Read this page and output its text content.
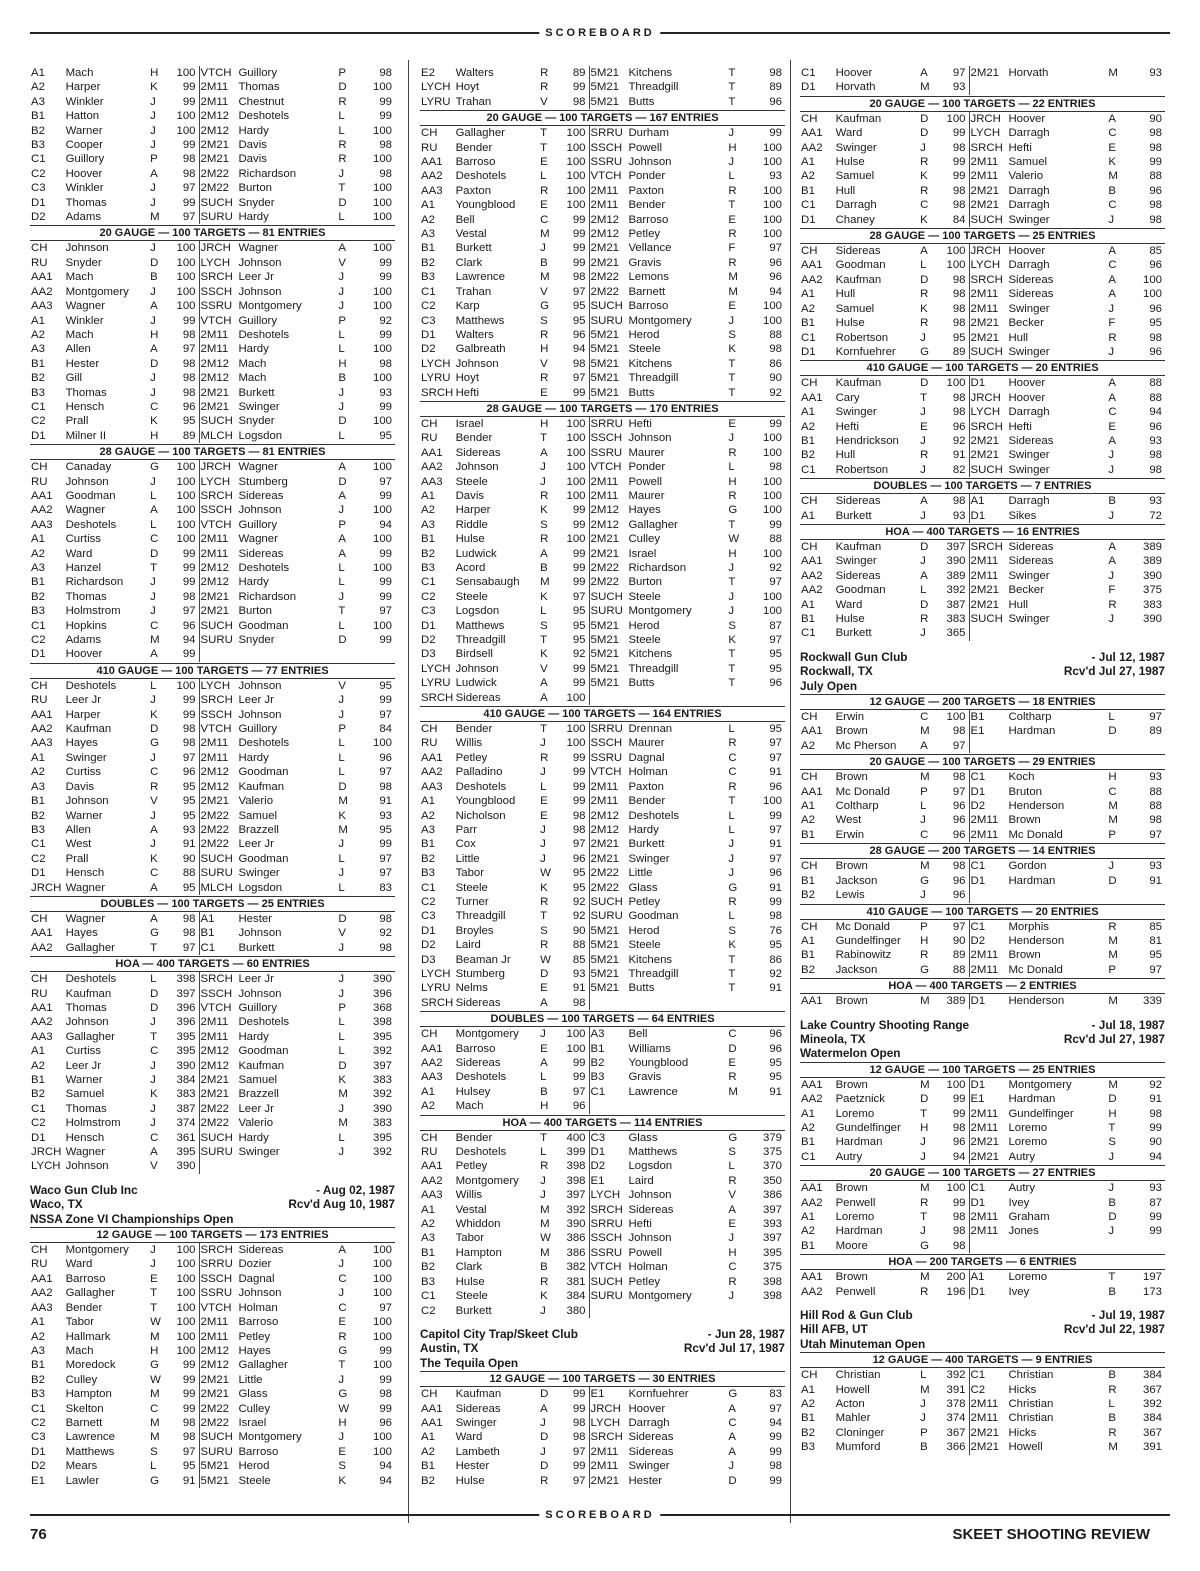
SCOREBOARD
A1	Mach	H	100	VTCH	Guillory	P	98
A2	Harper	K	99	2M11	Thomas	D	100
A3	Winkler	J	99	2M11	Chestnut	R	99
B1	Hatton	J	100	2M12	Deshotels	L	99
B2	Warner	J	100	2M12	Hardy	L	100
B3	Cooper	J	99	2M21	Davis	R	98
C1	Guillory	P	98	2M21	Davis	R	100
C2	Hoover	A	98	2M22	Richardson	J	98
C3	Winkler	J	97	2M22	Burton	T	100
D1	Thomas	J	99	SUCH	Snyder	D	100
D2	Adams	M	97	SURU	Hardy	L	100
20 GAUGE — 100 TARGETS — 81 ENTRIES
CH	Johnson	J	100	JRCH	Wagner	A	100
RU	Snyder	D	100	LYCH	Johnson	V	99
AA1	Mach	B	100	SRCH	Leer Jr	J	99
AA2	Montgomery	J	100	SSCH	Johnson	J	100
AA3	Wagner	A	100	SSRU	Montgomery	J	100
A1	Winkler	J	99	VTCH	Guillory	P	92
A2	Mach	H	98	2M11	Deshotels	L	99
A3	Allen	A	97	2M11	Hardy	L	100
B1	Hester	D	98	2M12	Mach	H	98
B2	Gill	J	98	2M12	Mach	B	100
B3	Thomas	J	98	2M21	Burkett	J	93
C1	Hensch	C	96	2M21	Swinger	J	99
C2	Prall	K	95	SUCH	Snyder	D	100
D1	Milner II	H	89	MLCH	Logsdon	L	95
28 GAUGE — 100 TARGETS — 81 ENTRIES
CH	Canaday	G	100	JRCH	Wagner	A	100
RU	Johnson	J	100	LYCH	Stumberg	D	97
AA1	Goodman	L	100	SRCH	Sidereas	A	99
AA2	Wagner	A	100	SSCH	Johnson	J	100
AA3	Deshotels	L	100	VTCH	Guillory	P	94
A1	Curtiss	C	100	2M11	Wagner	A	100
A2	Ward	D	99	2M11	Sidereas	A	99
A3	Hanzel	T	99	2M12	Deshotels	L	100
B1	Richardson	J	99	2M12	Hardy	L	99
B2	Thomas	J	98	2M21	Richardson	J	99
B3	Holmstrom	J	97	2M21	Burton	T	97
C1	Hopkins	C	96	SUCH	Goodman	L	100
C2	Adams	M	94	SURU	Snyder	D	99
D1	Hoover	A	99				
410 GAUGE — 100 TARGETS — 77 ENTRIES
CH	Deshotels	L	100	LYCH	Johnson	V	95
RU	Leer Jr	J	99	SRCH	Leer Jr	J	99
AA1	Harper	K	99	SSCH	Johnson	J	97
AA2	Kaufman	D	98	VTCH	Guillory	P	84
AA3	Hayes	G	98	2M11	Deshotels	L	100
A1	Swinger	J	97	2M11	Hardy	L	96
A2	Curtiss	C	96	2M12	Goodman	L	97
A3	Davis	R	95	2M12	Kaufman	D	98
B1	Johnson	V	95	2M21	Valerio	M	91
B2	Warner	J	95	2M22	Samuel	K	93
B3	Allen	A	93	2M22	Brazzell	M	95
C1	West	J	91	2M22	Leer Jr	J	99
C2	Prall	K	90	SUCH	Goodman	L	97
D1	Hensch	C	88	SURU	Swinger	J	97
JRCH	Wagner	A	95	MLCH	Logsdon	L	83
DOUBLES — 100 TARGETS — 25 ENTRIES
CH	Wagner	A	98	A1	Hester	D	98
AA1	Hayes	G	98	B1	Johnson	V	92
AA2	Gallagher	T	97	C1	Burkett	J	98
HOA — 400 TARGETS — 60 ENTRIES
CH	Deshotels	L	398	SRCH	Leer Jr	J	390
RU	Kaufman	D	397	SSCH	Johnson	J	396
AA1	Thomas	D	396	VTCH	Guillory	P	368
AA2	Johnson	J	396	2M11	Deshotels	L	398
AA3	Gallagher	T	395	2M11	Hardy	L	395
A1	Curtiss	C	395	2M12	Goodman	L	392
A2	Leer Jr	J	390	2M12	Kaufman	D	397
B1	Warner	J	384	2M21	Samuel	K	383
B2	Samuel	K	383	2M21	Brazzell	M	392
C1	Thomas	J	387	2M22	Leer Jr	J	390
C2	Holmstrom	J	374	2M22	Valerio	M	383
D1	Hensch	C	361	SUCH	Hardy	L	395
JRCH	Wagner	A	395	SURU	Swinger	J	392
LYCH	Johnson	V	390				
Waco Gun Club Inc	- Aug 02, 1987
Waco, TX	Rcv'd Aug 10, 1987
NSSA Zone VI Championships Open
12 GAUGE — 100 TARGETS — 173 ENTRIES
CH	Montgomery	J	100	SRCH	Sidereas	A	100
RU	Ward	J	100	SRRU	Dozier	J	100
AA1	Barroso	E	100	SSCH	Dagnal	C	100
AA2	Gallagher	T	100	SSRU	Johnson	J	100
AA3	Bender	T	100	VTCH	Holman	C	97
A1	Tabor	W	100	2M11	Barroso	E	100
A2	Hallmark	M	100	2M11	Petley	R	100
A3	Mach	H	100	2M12	Hayes	G	99
B1	Moredock	G	99	2M12	Gallagher	T	100
B2	Culley	W	99	2M21	Little	J	99
B3	Hampton	M	99	2M21	Glass	G	98
C1	Skelton	C	99	2M22	Culley	W	99
C2	Barnett	M	98	2M22	Israel	H	96
C3	Lawrence	M	98	SUCH	Montgomery	J	100
D1	Matthews	S	97	SURU	Barroso	E	100
D2	Mears	L	95	5M21	Herod	S	94
E1	Lawler	G	91	5M21	Steele	K	94
E2	Walters	R	89	5M21	Kitchens	T	98
LYCH	Hoyt	R	99	5M21	Threadgill	T	89
LYRU	Trahan	V	98	5M21	Butts	T	96
20 GAUGE — 100 TARGETS — 167 ENTRIES
CH	Gallagher	T	100	SRRU	Durham	J	99
RU	Bender	T	100	SSCH	Powell	H	100
AA1	Barroso	E	100	SSRU	Johnson	J	100
AA2	Deshotels	L	100	VTCH	Ponder	L	93
AA3	Paxton	R	100	2M11	Paxton	R	100
A1	Youngblood	E	100	2M11	Bender	T	100
A2	Bell	C	99	2M12	Barroso	E	100
A3	Vestal	M	99	2M12	Petley	R	100
B1	Burkett	J	99	2M21	Vellance	F	97
B2	Clark	B	99	2M21	Gravis	R	96
B3	Lawrence	M	98	2M22	Lemons	M	96
C1	Trahan	V	97	2M22	Barnett	M	94
C2	Karp	G	95	SUCH	Barroso	E	100
C3	Matthews	S	95	SURU	Montgomery	J	100
D1	Walters	R	96	5M21	Herod	S	88
D2	Galbreath	H	94	5M21	Steele	K	98
LYCH	Johnson	V	98	5M21	Kitchens	T	86
LYRU	Hoyt	R	97	5M21	Threadgill	T	90
SRCH	Hefti	E	99	5M21	Butts	T	92
28 GAUGE — 100 TARGETS — 170 ENTRIES
CH	Israel	H	100	SRRU	Hefti	E	99
RU	Bender	T	100	SSCH	Johnson	J	100
AA1	Sidereas	A	100	SSRU	Maurer	R	100
AA2	Johnson	J	100	VTCH	Ponder	L	98
AA3	Steele	J	100	2M11	Powell	H	100
A1	Davis	R	100	2M11	Maurer	R	100
A2	Harper	K	99	2M12	Hayes	G	100
A3	Riddle	S	99	2M12	Gallagher	T	99
B1	Hulse	R	100	2M21	Culley	W	88
B2	Ludwick	A	99	2M21	Israel	H	100
B3	Acord	B	99	2M22	Richardson	J	92
C1	Sensabaugh	M	99	2M22	Burton	T	97
C2	Steele	K	97	SUCH	Steele	J	100
C3	Logsdon	L	95	SURU	Montgomery	J	100
D1	Matthews	S	95	5M21	Herod	S	87
D2	Threadgill	T	95	5M21	Steele	K	97
D3	Birdsell	K	92	5M21	Kitchens	T	95
LYCH	Johnson	V	99	5M21	Threadgill	T	95
LYRU	Ludwick	A	99	5M21	Butts	T	96
SRCH	Sidereas	A	100				
410 GAUGE — 100 TARGETS — 164 ENTRIES
CH	Bender	T	100	SRRU	Drennan	L	95
RU	Willis	J	100	SSCH	Maurer	R	97
AA1	Petley	R	99	SSRU	Dagnal	C	97
AA2	Palladino	J	99	VTCH	Holman	C	91
AA3	Deshotels	L	99	2M11	Paxton	R	96
A1	Youngblood	E	99	2M11	Bender	T	100
A2	Nicholson	E	98	2M12	Deshotels	L	99
A3	Parr	J	98	2M12	Hardy	L	97
B1	Cox	J	97	2M21	Burkett	J	91
B2	Little	J	96	2M21	Swinger	J	97
B3	Tabor	W	95	2M22	Little	J	96
C1	Steele	K	95	2M22	Glass	G	91
C2	Turner	R	92	SUCH	Petley	R	99
C3	Threadgill	T	92	SURU	Goodman	L	98
D1	Broyles	S	90	5M21	Herod	S	76
D2	Laird	R	88	5M21	Steele	K	95
D3	Beaman Jr	W	85	5M21	Kitchens	T	86
LYCH	Stumberg	D	93	5M21	Threadgill	T	92
LYRU	Nelms	E	91	5M21	Butts	T	91
SRCH	Sidereas	A	98				
DOUBLES — 100 TARGETS — 64 ENTRIES
CH	Montgomery	J	100	A3	Bell	C	96
AA1	Barroso	E	100	B1	Williams	D	96
AA2	Sidereas	A	99	B2	Youngblood	E	95
AA3	Deshotels	L	99	B3	Gravis	R	95
A1	Hulsey	B	97	C1	Lawrence	M	91
A2	Mach	H	96				
HOA — 400 TARGETS — 114 ENTRIES
CH	Bender	T	400	C3	Glass	G	379
RU	Deshotels	L	399	D1	Matthews	S	375
AA1	Petley	R	398	D2	Logsdon	L	370
AA2	Montgomery	J	398	E1	Laird	R	350
AA3	Willis	J	397	LYCH	Johnson	V	386
A1	Vestal	M	392	SRCH	Sidereas	A	397
A2	Whiddon	M	390	SRRU	Hefti	E	393
A3	Tabor	W	386	SSCH	Johnson	J	397
B1	Hampton	M	386	SSRU	Powell	H	395
B2	Clark	B	382	VTCH	Holman	C	375
B3	Hulse	R	381	SUCH	Petley	R	398
C1	Steele	K	384	SURU	Montgomery	J	398
C2	Burkett	J	380				
Capitol City Trap/Skeet Club	- Jun 28, 1987
Austin, TX	Rcv'd Jul 17, 1987
The Tequila Open
12 GAUGE — 100 TARGETS — 30 ENTRIES
CH	Kaufman	D	99	E1	Kornfuehrer	G	83
AA1	Sidereas	A	99	JRCH	Hoover	A	97
AA1	Swinger	J	98	LYCH	Darragh	C	94
A1	Ward	D	98	SRCH	Sidereas	A	99
A2	Lambeth	J	97	2M11	Sidereas	A	99
B1	Hester	D	99	2M11	Swinger	J	98
B2	Hulse	R	97	2M21	Hester	D	99
C1	Hoover	A	97	2M21	Horvath	M	93
D1	Horvath	M	93				
20 GAUGE — 100 TARGETS — 22 ENTRIES
CH	Kaufman	D	100	JRCH	Hoover	A	90
AA1	Ward	D	99	LYCH	Darragh	C	98
AA2	Swinger	J	98	SRCH	Hefti	E	98
A1	Hulse	R	99	2M11	Samuel	K	99
A2	Samuel	K	99	2M11	Valerio	M	88
B1	Hull	R	98	2M21	Darragh	B	96
C1	Darragh	C	98	2M21	Darragh	C	98
D1	Chaney	K	84	SUCH	Swinger	J	98
28 GAUGE — 100 TARGETS — 25 ENTRIES
CH	Sidereas	A	100	JRCH	Hoover	A	85
AA1	Goodman	L	100	LYCH	Darragh	C	96
AA2	Kaufman	D	98	SRCH	Sidereas	A	100
A1	Hull	R	98	2M11	Sidereas	A	100
A2	Samuel	K	98	2M11	Swinger	J	96
B1	Hulse	R	98	2M21	Becker	F	95
C1	Robertson	J	95	2M21	Hull	R	98
D1	Kornfuehrer	G	89	SUCH	Swinger	J	96
410 GAUGE — 100 TARGETS — 20 ENTRIES
CH	Kaufman	D	100	D1	Hoover	A	88
AA1	Cary	T	98	JRCH	Hoover	A	88
A1	Swinger	J	98	LYCH	Darragh	C	94
A2	Hefti	E	96	SRCH	Hefti	E	96
B1	Hendrickson	J	92	2M21	Sidereas	A	93
B2	Hull	R	91	2M21	Swinger	J	98
C1	Robertson	J	82	SUCH	Swinger	J	98
DOUBLES — 100 TARGETS — 7 ENTRIES
CH	Sidereas	A	98	A1	Darragh	B	93
A1	Burkett	J	93	D1	Sikes	J	72
HOA — 400 TARGETS — 16 ENTRIES
CH	Kaufman	D	397	SRCH	Sidereas	A	389
AA1	Swinger	J	390	2M11	Sidereas	A	389
AA2	Sidereas	A	389	2M11	Swinger	J	390
AA2	Goodman	L	392	2M21	Becker	F	375
A1	Ward	D	387	2M21	Hull	R	383
B1	Hulse	R	383	SUCH	Swinger	J	390
C1	Burkett	J	365				
Rockwall Gun Club	- Jul 12, 1987
Rockwall, TX	Rcv'd Jul 27, 1987
July Open
12 GAUGE — 200 TARGETS — 18 ENTRIES
CH	Erwin	C	100	B1	Coltharp	L	97
AA1	Brown	M	98	E1	Hardman	D	89
A2	Mc Pherson	A	97				
20 GAUGE — 100 TARGETS — 29 ENTRIES
CH	Brown	M	98	C1	Koch	H	93
AA1	Mc Donald	P	97	D1	Bruton	C	88
A1	Coltharp	L	96	D2	Henderson	M	88
A2	West	J	96	2M11	Brown	M	98
B1	Erwin	C	96	2M11	Mc Donald	P	97
28 GAUGE — 200 TARGETS — 14 ENTRIES
CH	Brown	M	98	C1	Gordon	J	93
B1	Jackson	G	96	D1	Hardman	D	91
B2	Lewis	J	96				
410 GAUGE — 100 TARGETS — 20 ENTRIES
CH	Mc Donald	P	97	C1	Morphis	R	85
A1	Gundelfinger	H	90	D2	Henderson	M	81
B1	Rabinowitz	R	89	2M11	Brown	M	95
B2	Jackson	G	88	2M11	Mc Donald	P	97
HOA — 400 TARGETS — 2 ENTRIES
AA1	Brown	M	389	D1	Henderson	M	339
Lake Country Shooting Range	- Jul 18, 1987
Mineola, TX	Rcv'd Jul 27, 1987
Watermelon Open
12 GAUGE — 100 TARGETS — 25 ENTRIES
AA1	Brown	M	100	D1	Montgomery	M	92
AA2	Paetznick	D	99	E1	Hardman	D	91
A1	Loremo	T	99	2M11	Gundelfinger	H	98
A2	Gundelfinger	H	98	2M11	Loremo	T	99
B1	Hardman	J	96	2M21	Loremo	S	90
C1	Autry	J	94	2M21	Autry	J	94
20 GAUGE — 100 TARGETS — 27 ENTRIES
AA1	Brown	M	100	C1	Autry	J	93
AA2	Penwell	R	99	D1	Ivey	B	87
A1	Loremo	T	98	2M11	Graham	D	99
A2	Hardman	J	98	2M11	Jones	J	99
B1	Moore	G	98				
HOA — 200 TARGETS — 6 ENTRIES
AA1	Brown	M	200	A1	Loremo	T	197
AA2	Penwell	R	196	D1	Ivey	B	173
Hill Rod & Gun Club	- Jul 19, 1987
Hill AFB, UT	Rcv'd Jul 22, 1987
Utah Minuteman Open
12 GAUGE — 400 TARGETS — 9 ENTRIES
CH	Christian	L	392	C1	Christian	B	384
A1	Howell	M	391	C2	Hicks	R	367
A2	Acton	J	378	2M11	Christian	L	392
B1	Mahler	J	374	2M11	Christian	B	384
B2	Cloninger	P	367	2M21	Hicks	R	367
B3	Mumford	B	366	2M21	Howell	M	391
SCOREBOARD
76	SKEET SHOOTING REVIEW
